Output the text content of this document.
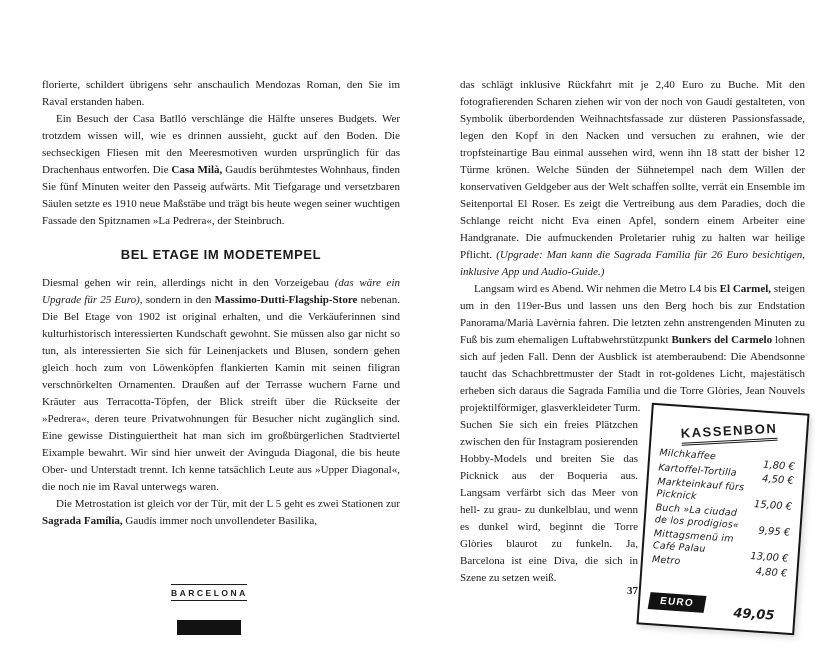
florierte, schildert übrigens sehr anschaulich Mendozas Roman, den Sie im Raval erstanden haben.

Ein Besuch der Casa Batlló verschlänge die Hälfte unseres Budgets. Wer trotzdem wissen will, wie es drinnen aussieht, guckt auf den Boden. Die sechseckigen Fliesen mit den Meeresmotiven wurden ursprünglich für das Drachenhaus entworfen. Die Casa Milà, Gaudís berühmtestes Wohnhaus, finden Sie fünf Minuten weiter den Passeig aufwärts. Mit Tiefgarage und versetzbaren Säulen setzte es 1910 neue Maßstäbe und trägt bis heute wegen seiner wuchtigen Fassade den Spitznamen »La Pedrera«, der Steinbruch.

BEL ETAGE IM MODETEMPEL

Diesmal gehen wir rein, allerdings nicht in den Vorzeigebau (das wäre ein Upgrade für 25 Euro), sondern in den Massimo-Dutti-Flagship-Store nebenan. Die Bel Etage von 1902 ist original erhalten, und die Verkäuferinnen sind kulturhistorisch interessierten Kundschaft gewohnt. Sie müssen also gar nicht so tun, als interessierten Sie sich für Leinenjackets und Blusen, sondern gehen gleich hoch zum von Löwenköpfen flankierten Kamin mit seinen filigran verschnörkelten Ornamenten. Draußen auf der Terrasse wuchern Farne und Kräuter aus Terracotta-Töpfen, der Blick streift über die Rückseite der »Pedrera«, deren teure Privatwohnungen für Besucher nicht zugänglich sind. Eine gewisse Distinguiertheit hat man sich im großbürgerlichen Stadtviertel Eixample bewahrt. Wir sind hier unweit der Avinguda Diagonal, die bis heute Ober- und Unterstadt trennt. Ich kenne tatsächlich Leute aus »Upper Diagonal«, die noch nie im Raval unterwegs waren.

Die Metrostation ist gleich vor der Tür, mit der L 5 geht es zwei Stationen zur Sagrada Família, Gaudís immer noch unvollendeter Basilika,

BARCELONA

das schlägt inklusive Rückfahrt mit je 2,40 Euro zu Buche. Mit den fotografierenden Scharen ziehen wir von der noch von Gaudí gestalteten, von Symbolik überbordenden Weihnachtsfassade zur düsteren Passionsfassade, legen den Kopf in den Nacken und versuchen zu erahnen, wie der tropfsteinartige Bau einmal aussehen wird, wenn ihn 18 statt der bisher 12 Türme krönen. Welche Sünden der Sühnetempel nach dem Willen der konservativen Geldgeber aus der Welt schaffen sollte, verrät ein Ensemble im Seitenportal El Roser. Es zeigt die Vertreibung aus dem Paradies, doch die Schlange reicht nicht Eva einen Apfel, sondern einem Arbeiter eine Handgranate. Die aufmuckenden Proletarier ruhig zu halten war heilige Pflicht. (Upgrade: Man kann die Sagrada Família für 26 Euro besichtigen, inklusive App und Audio-Guide.)

Langsam wird es Abend. Wir nehmen die Metro L4 bis El Carmel, steigen um in den 119er-Bus und lassen uns den Berg hoch bis zur Endstation Panorama/Marià Lavèrnia fahren. Die letzten zehn anstrengenden Minuten zu Fuß bis zum ehemaligen Luftabwehrstützpunkt Bunkers del Carmelo lohnen sich auf jeden Fall. Denn der Ausblick ist atemberaubend: Die Abendsonne taucht das Schachbrettmuster der Stadt in rot-goldenes Licht, majestätisch erheben sich daraus die Sagrada Família und die Torre Glòries, Jean Nouvels projektilförmiger, glasverkleideter Turm.

Suchen Sie sich ein freies Plätzchen zwischen den für Instagram posierenden Hobby-Models und breiten Sie das Picknick aus der Boqueria aus. Langsam verfärbt sich das Meer von hell- zu grau- zu dunkelblau, und wenn es dunkel wird, beginnt die Torre Glòries blaurot zu funkeln. Ja, Barcelona ist eine Diva, die sich in Szene zu setzen weiß.

37
KASSENBON
Milchkaffee
1,80 €
Kartoffel-Tortilla
4,50 €
Markteinkauf fürs Picknick
15,00 €
Buch »La ciudad de los prodigios«
9,95 €
Mittagsmenü im Café Palau
13,00 €
Metro
4,80 €
EURO
49,05
